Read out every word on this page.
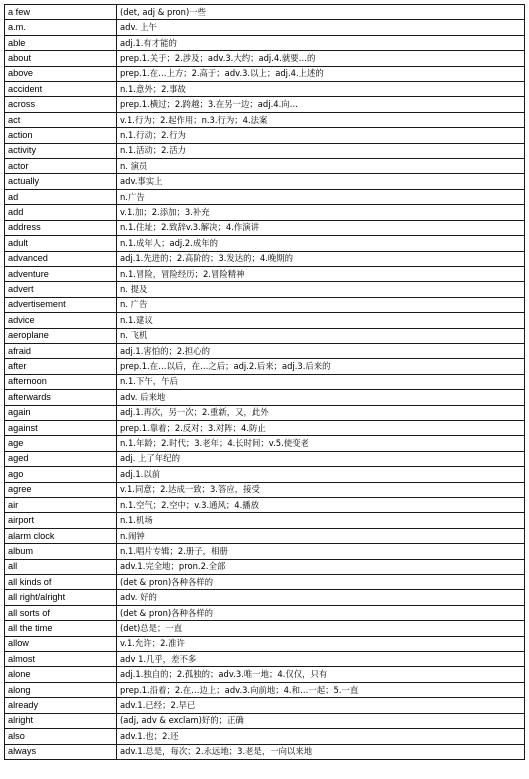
a few	(det, adj & pron)一些
a.m.	adv. 上午
able	adj.1.有才能的
about	prep.1.关于；2.涉及；adv.3.大约；adj.4.就要…的
above	prep.1.在…上方；2.高于；adv.3.以上；adj.4.上述的
accident	n.1.意外；2.事故
across	prep.1.横过；2.跨越；3.在另一边；adj.4.向…
act	v.1.行为；2.起作用；n.3.行为；4.法案
action	n.1.行动；2.行为
activity	n.1.活动；2.活力
actor	n. 演员
actually	adv.事实上
ad	n.广告
add	v.1.加；2.添加；3.补充
address	n.1.住址；2.致辞v.3.解决；4.作演讲
adult	n.1.成年人；adj.2.成年的
advanced	adj.1.先进的；2.高阶的；3.发达的；4.晚期的
adventure	n.1.冒险，冒险经历；2.冒险精神
advert	n. 提及
advertisement	n. 广告
advice	n.1.建议
aeroplane	n. 飞机
afraid	adj.1.害怕的；2.担心的
after	prep.1.在…以后，在…之后；adj.2.后来；adj.3.后来的
afternoon	n.1.下午，午后
afterwards	adv. 后来地
again	adj.1.再次，另一次；2.重新，又，此外
against	prep.1.靠着；2.反对；3.对阵；4.防止
age	n.1.年龄；2.时代；3.老年；4.长时间；v.5.使变老
aged	adj. 上了年纪的
ago	adj.1.以前
agree	v.1.同意；2.达成一致；3.答应，接受
air	n.1.空气；2.空中；v.3.通风；4.播放
airport	n.1.机场
alarm clock	n.闹钟
album	n.1.唱片专辑；2.册子，相册
all	adv.1.完全地；pron.2.全部
all kinds of	(det & pron)各种各样的
all right/alright	adv. 好的
all sorts of	(det & pron)各种各样的
all the time	(det)总是；一直
allow	v.1.允许；2.准许
almost	adv 1.几乎，差不多
alone	adj.1.独自的；2.孤独的；adv.3.唯一地；4.仅仅，只有
along	prep.1.沿着；2.在…边上；adv.3.向前地；4.和…一起；5.一直
already	adv.1.已经；2.早已
alright	(adj, adv & exclam)好的；正确
also	adv.1.也；2.还
always	adv.1.总是，每次；2.永远地；3.老是，一向以来地
